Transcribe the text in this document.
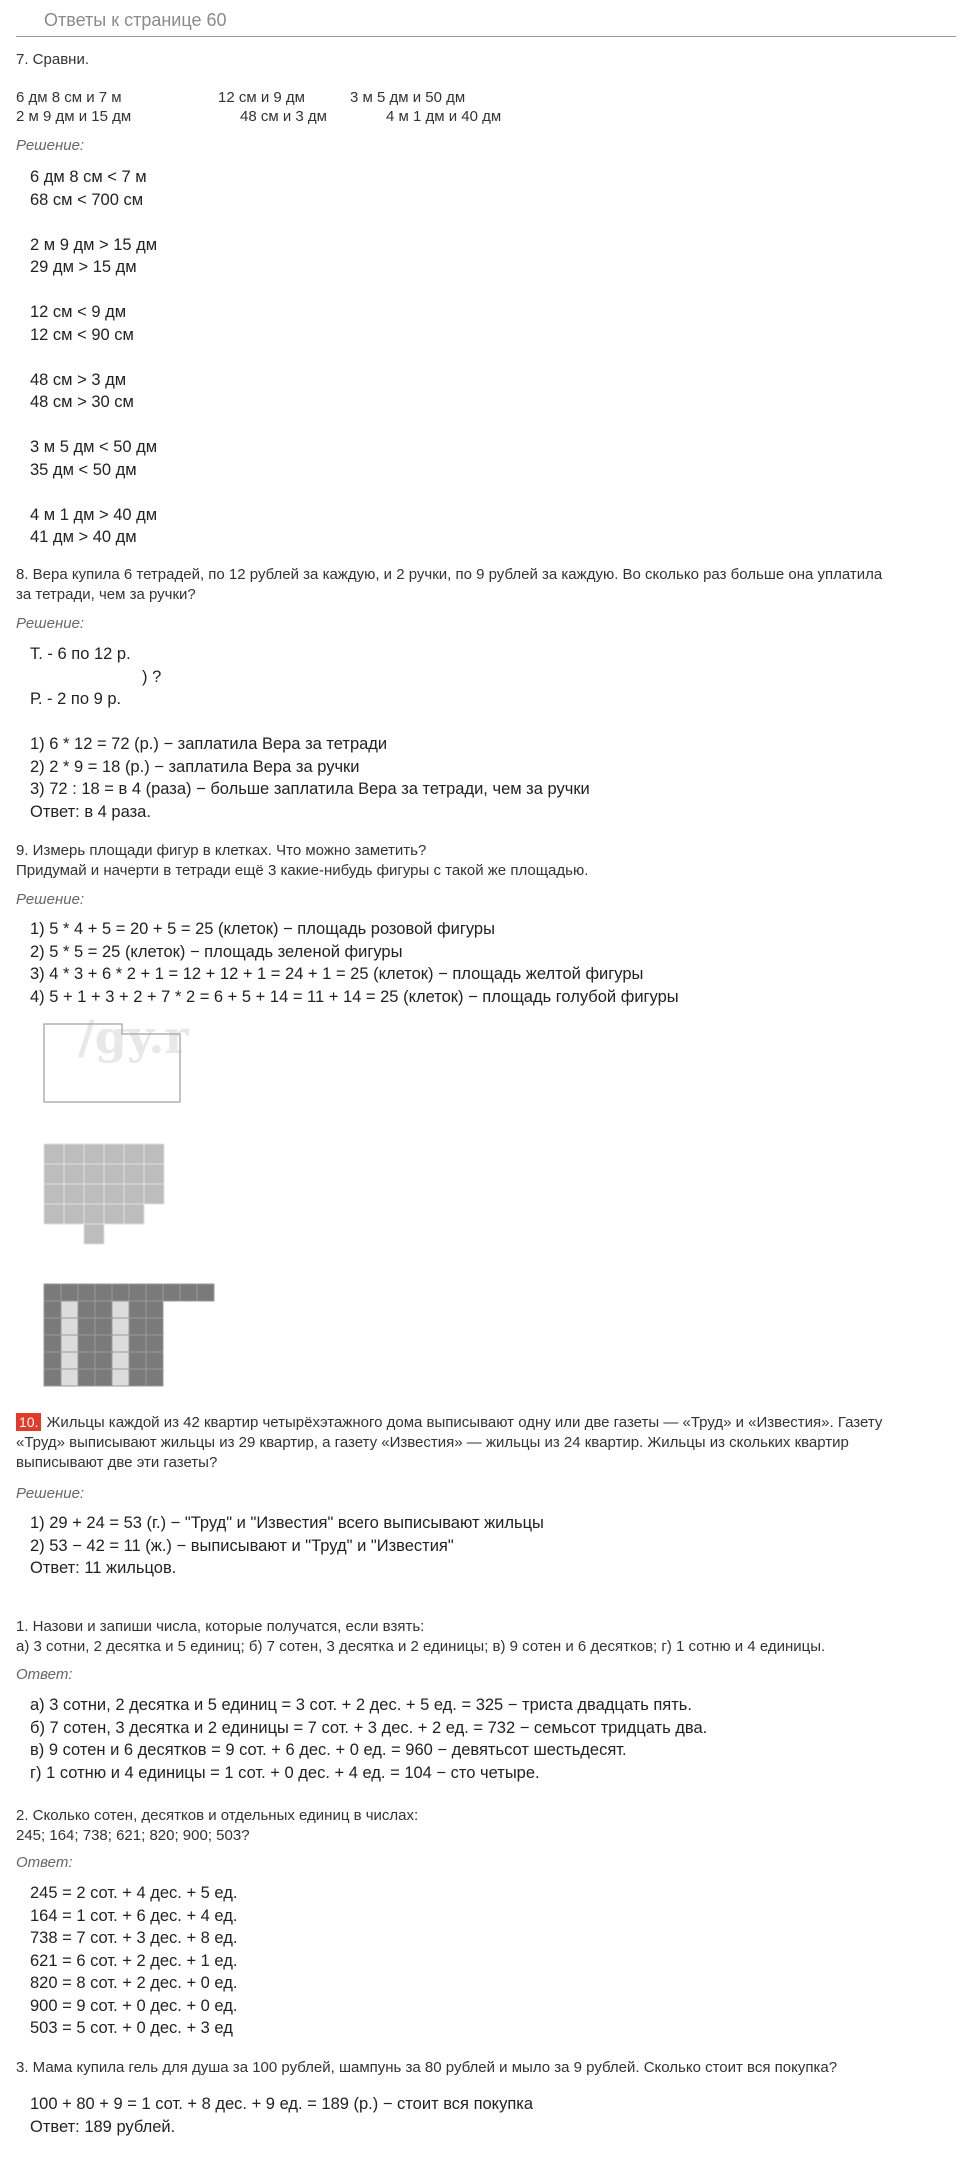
Ответы к странице 60
7. Сравни.
6 дм 8 см и 7 м
2 м 9 дм и 15 дм
12 см и 9 дм
48 см и 3 дм
3 м 5 дм и 50 дм
4 м 1 дм и 40 дм
Решение:
6 дм 8 см < 7 м
68 см < 700 см
2 м 9 дм > 15 дм
29 дм > 15 дм
12 см < 9 дм
12 см < 90 см
48 см > 3 дм
48 см > 30 см
3 м 5 дм < 50 дм
35 дм < 50 дм
4 м 1 дм > 40 дм
41 дм > 40 дм
8. Вера купила 6 тетрадей, по 12 рублей за каждую, и 2 ручки, по 9 рублей за каждую. Во сколько раз больше она уплатила
за тетради, чем за ручки?
Решение:
Т. - 6 по 12 р.
) ?
Р. - 2 по 9 р.
1) 6 * 12 = 72 (р.) − заплатила Вера за тетради
2) 2 * 9 = 18 (р.) − заплатила Вера за ручки
3) 72 : 18 = в 4 (раза) − больше заплатила Вера за тетради, чем за ручки
Ответ: в 4 раза.
9. Измерь площади фигур в клетках. Что можно заметить?
Придумай и начерти в тетради ещё 3 какие-нибудь фигуры с такой же площадью.
Решение:
1) 5 * 4 + 5 = 20 + 5 = 25 (клеток) − площадь розовой фигуры
2) 5 * 5 = 25 (клеток) − площадь зеленой фигуры
3) 4 * 3 + 6 * 2 + 1 = 12 + 12 + 1 = 24 + 1 = 25 (клеток) − площадь желтой фигуры
4) 5 + 1 + 3 + 2 + 7 * 2 = 6 + 5 + 14 = 11 + 14 = 25 (клеток) − площадь голубой фигуры
/gy.r
10. Жильцы каждой из 42 квартир четырёхэтажного дома выписывают одну или две газеты — «Труд» и «Известия». Газету
«Труд» выписывают жильцы из 29 квартир, а газету «Известия» — жильцы из 24 квартир. Жильцы из скольких квартир
выписывают две эти газеты?
Решение:
1) 29 + 24 = 53 (г.) − "Труд" и "Известия" всего выписывают жильцы
2) 53 − 42 = 11 (ж.) − выписывают и "Труд" и "Известия"
Ответ: 11 жильцов.
1. Назови и запиши числа, которые получатся, если взять:
а) 3 сотни, 2 десятка и 5 единиц; б) 7 сотен, 3 десятка и 2 единицы; в) 9 сотен и 6 десятков; г) 1 сотню и 4 единицы.
Ответ:
а) 3 сотни, 2 десятка и 5 единиц = 3 сот. + 2 дес. + 5 ед. = 325 − триста двадцать пять.
б) 7 сотен, 3 десятка и 2 единицы = 7 сот. + 3 дес. + 2 ед. = 732 − семьсот тридцать два.
в) 9 сотен и 6 десятков = 9 сот. + 6 дес. + 0 ед. = 960 − девятьсот шестьдесят.
г) 1 сотню и 4 единицы = 1 сот. + 0 дес. + 4 ед. = 104 − сто четыре.
2. Сколько сотен, десятков и отдельных единиц в числах:
245; 164; 738; 621; 820; 900; 503?
Ответ:
245 = 2 сот. + 4 дес. + 5 ед.
164 = 1 сот. + 6 дес. + 4 ед.
738 = 7 сот. + 3 дес. + 8 ед.
621 = 6 сот. + 2 дес. + 1 ед.
820 = 8 сот. + 2 дес. + 0 ед.
900 = 9 сот. + 0 дес. + 0 ед.
503 = 5 сот. + 0 дес. + 3 ед
3. Мама купила гель для душа за 100 рублей, шампунь за 80 рублей и мыло за 9 рублей. Сколько стоит вся покупка?
100 + 80 + 9 = 1 сот. + 8 дес. + 9 ед. = 189 (р.) − стоит вся покупка
Ответ: 189 рублей.
